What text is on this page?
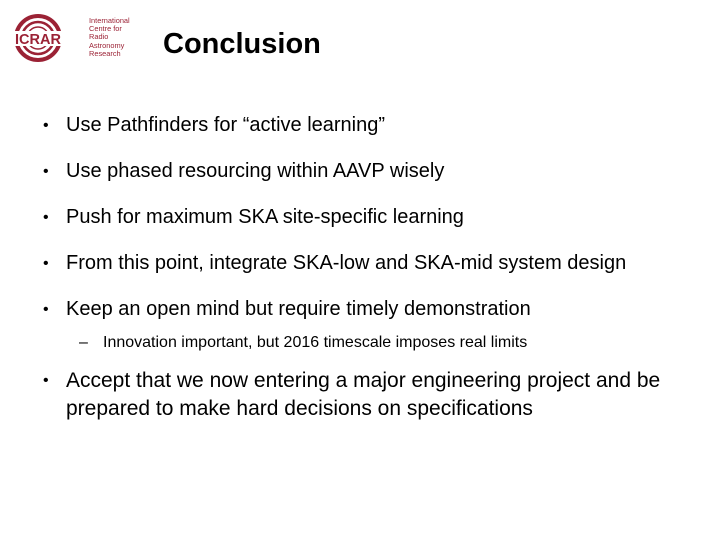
ICRAR
International
Centre for
Radio
Astronomy
Research	Conclusion
• Use Pathfinders for “active learning”
• Use phased resourcing within AAVP wisely
• Push for maximum SKA site-specific learning
• From this point, integrate SKA-low and SKA-mid system design
• Keep an open mind but require timely demonstration
– Innovation important, but 2016 timescale imposes real limits
• Accept that we now entering a major engineering project and be prepared to make hard decisions on specifications
